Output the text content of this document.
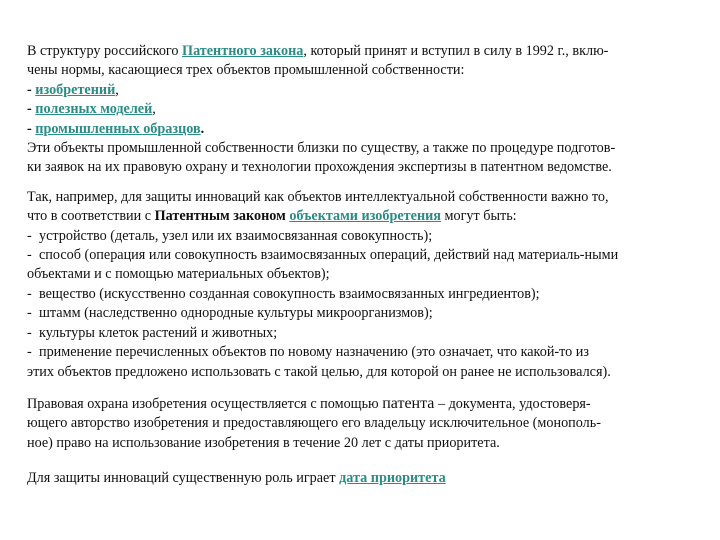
В структуру российского Патентного закона, который принят и вступил в силу в 1992 г., вклю-
чены нормы, касающиеся трех объектов промышленной собственности:
- изобретений,
- полезных моделей,
- промышленных образцов.
Эти объекты промышленной собственности близки по существу, а также по процедуре подготов-
ки заявок на их правовую охрану и технологии прохождения экспертизы в патентном ведомстве.
Так, например, для защиты инноваций как объектов интеллектуальной собственности важно то,
что в соответствии с Патентным законом объектами изобретения могут быть:
- устройство (деталь, узел или их взаимосвязанная совокупность);
- способ (операция или совокупность взаимосвязанных операций, действий над материаль-ными
объектами и с помощью материальных объектов);
- вещество (искусственно созданная совокупность взаимосвязанных ингредиентов);
- штамм (наследственно однородные культуры микроорганизмов);
- культуры клеток растений и животных;
- применение перечисленных объектов по новому назначению (это означает, что какой-то из
этих объектов предложено использовать с такой целью, для которой он ранее не использовался).
Правовая охрана изобретения осуществляется с помощью патента – документа, удостоверя-
ющего авторство изобретения и предоставляющего его владельцу исключительное (монополь-
ное) право на использование изобретения в течение 20 лет с даты приоритета.
Для защиты инноваций существенную роль играет дата приоритета
